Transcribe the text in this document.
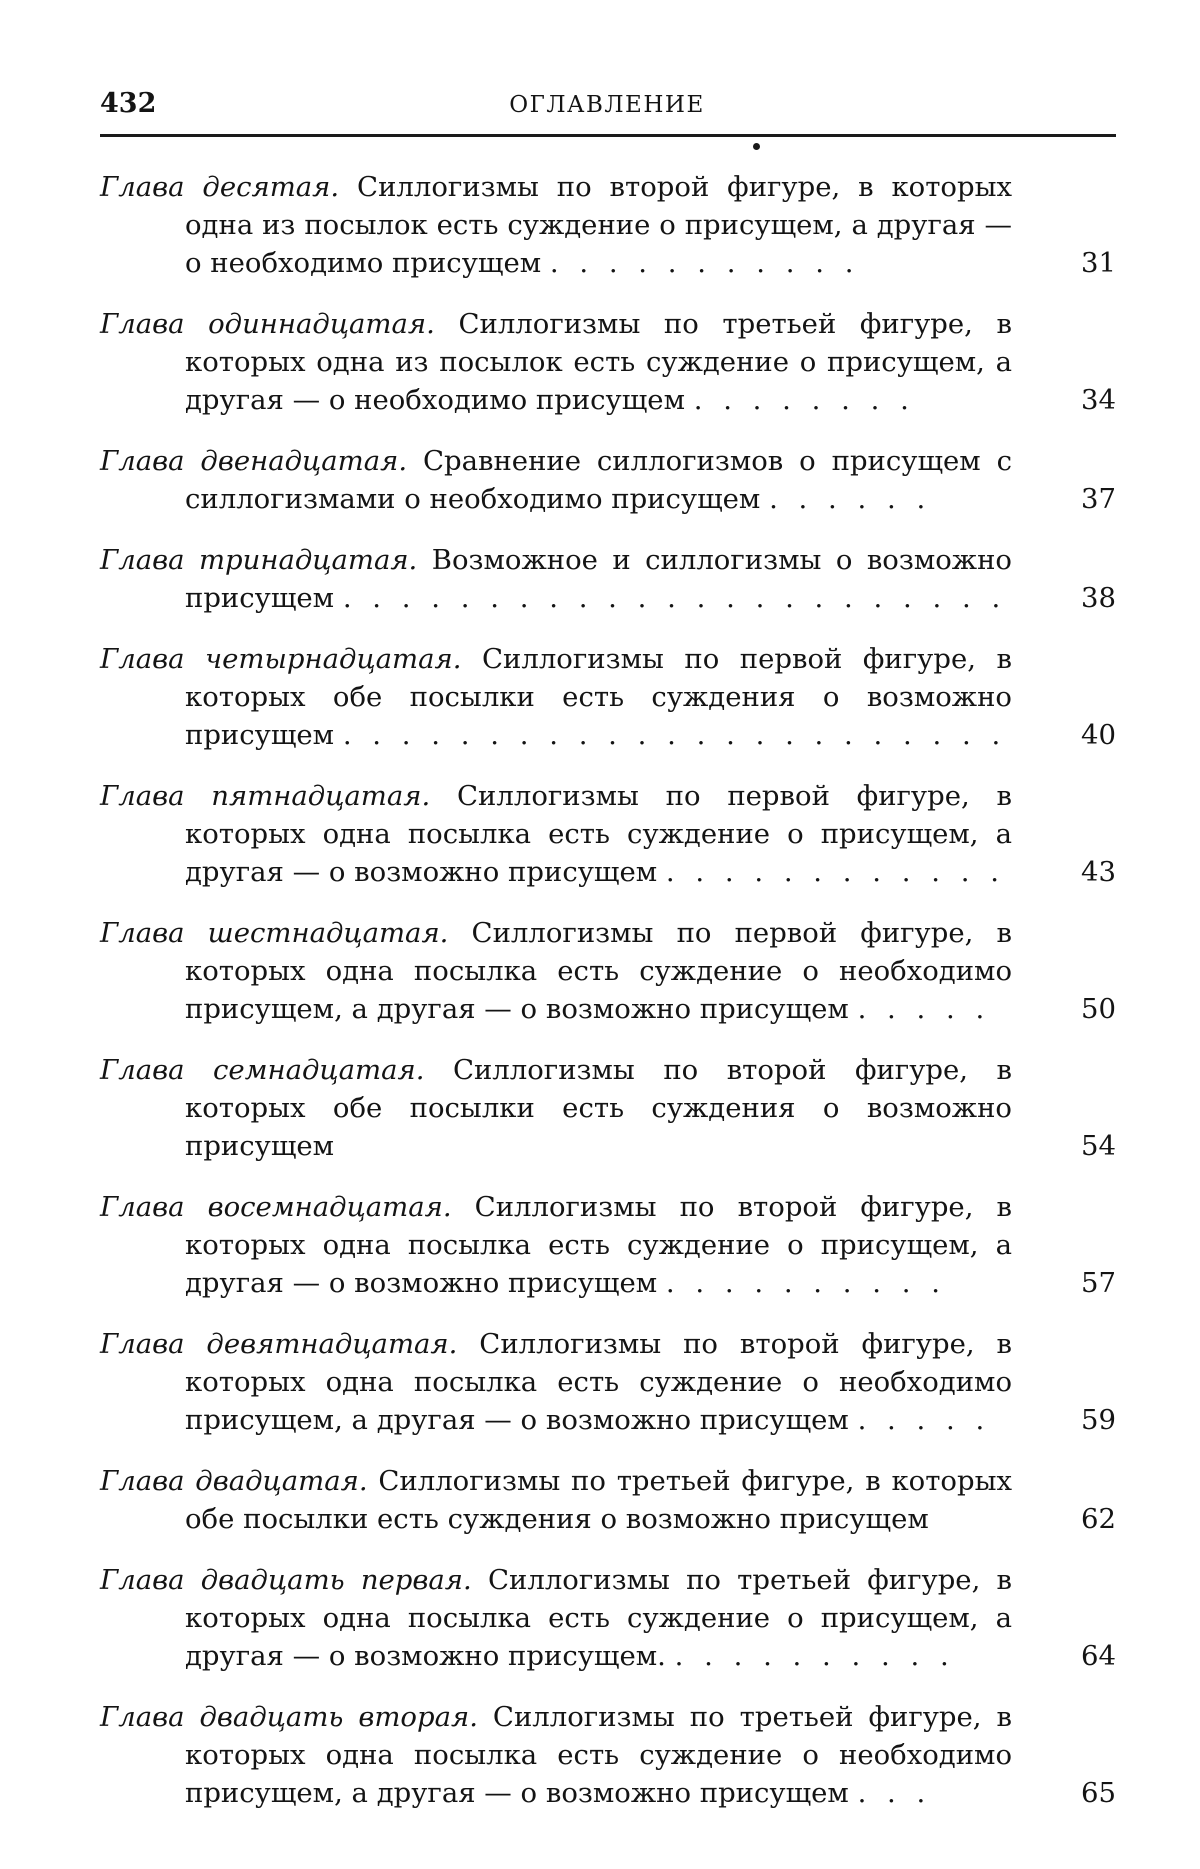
432	ОГЛАВЛЕНИЕ
Глава десятая. Силлогизмы по второй фигуре, в которых одна из посылок есть суждение о присущем, а другая — о необходимо присущем . . . . . . . . . . .	31
Глава одиннадцатая. Силлогизмы по третьей фигуре, в которых одна из посылок есть суждение о присущем, а другая — о необходимо присущем . . . . . . . .	34
Глава двенадцатая. Сравнение силлогизмов о присущем с силлогизмами о необходимо присущем . . . . . .	37
Глава тринадцатая. Возможное и силлогизмы о возможно присущем . . . . . . . . . . . . . . . . . . . . . . .	38
Глава четырнадцатая. Силлогизмы по первой фигуре, в которых обе посылки есть суждения о возможно присущем . . . . . . . . . . . . . . . . . . . . . . .	40
Глава пятнадцатая. Силлогизмы по первой фигуре, в которых одна посылка есть суждение о присущем, а другая — о возможно присущем . . . . . . . . . . . .	43
Глава шестнадцатая. Силлогизмы по первой фигуре, в которых одна посылка есть суждение о необходимо присущем, а другая — о возможно присущем . . . . .	50
Глава семнадцатая. Силлогизмы по второй фигуре, в которых обе посылки есть суждения о возможно присущем	54
Глава восемнадцатая. Силлогизмы по второй фигуре, в которых одна посылка есть суждение о присущем, а другая — о возможно присущем . . . . . . . . . .	57
Глава девятнадцатая. Силлогизмы по второй фигуре, в которых одна посылка есть суждение о необходимо присущем, а другая — о возможно присущем . . . . .	59
Глава двадцатая. Силлогизмы по третьей фигуре, в которых обе посылки есть суждения о возможно присущем	62
Глава двадцать первая. Силлогизмы по третьей фигуре, в которых одна посылка есть суждение о присущем, а другая — о возможно присущем. . . . . . . . . . .	64
Глава двадцать вторая. Силлогизмы по третьей фигуре, в которых одна посылка есть суждение о необходимо присущем, а другая — о возможно присущем . . .	65
